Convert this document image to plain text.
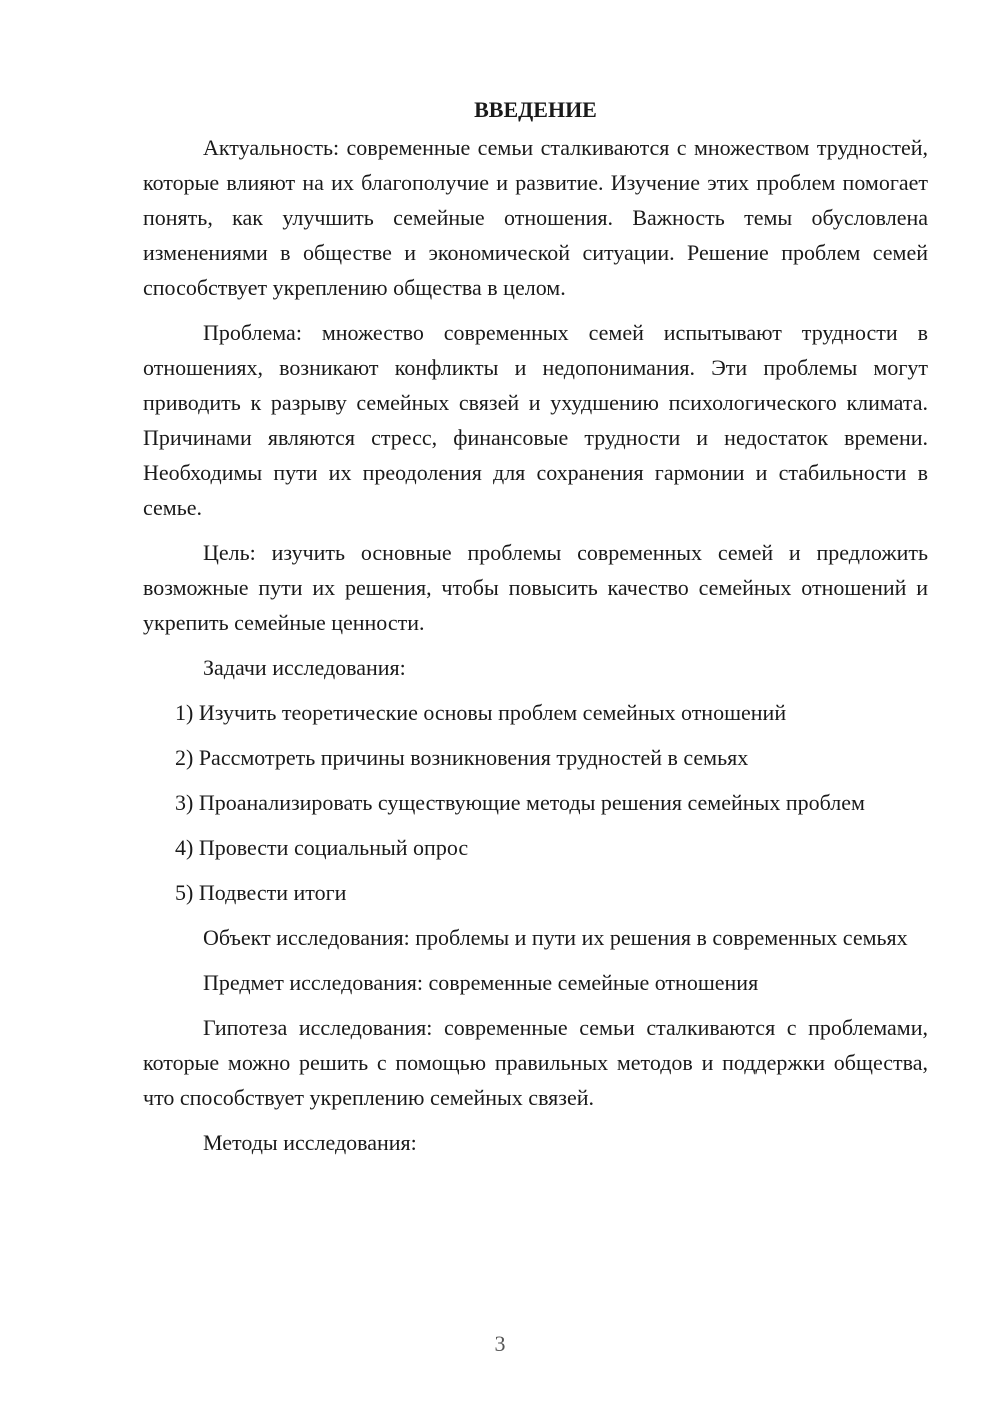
ВВЕДЕНИЕ
Актуальность: современные семьи сталкиваются с множеством трудностей, которые влияют на их благополучие и развитие. Изучение этих проблем помогает понять, как улучшить семейные отношения. Важность темы обусловлена изменениями в обществе и экономической ситуации. Решение проблем семей способствует укреплению общества в целом.
Проблема: множество современных семей испытывают трудности в отношениях, возникают конфликты и недопонимания. Эти проблемы могут приводить к разрыву семейных связей и ухудшению психологического климата. Причинами являются стресс, финансовые трудности и недостаток времени. Необходимы пути их преодоления для сохранения гармонии и стабильности в семье.
Цель: изучить основные проблемы современных семей и предложить возможные пути их решения, чтобы повысить качество семейных отношений и укрепить семейные ценности.
Задачи исследования:
1) Изучить теоретические основы проблем семейных отношений
2) Рассмотреть причины возникновения трудностей в семьях
3) Проанализировать существующие методы решения семейных проблем
4) Провести социальный опрос
5) Подвести итоги
Объект исследования: проблемы и пути их решения в современных семьях
Предмет исследования: современные семейные отношения
Гипотеза исследования: современные семьи сталкиваются с проблемами, которые можно решить с помощью правильных методов и поддержки общества, что способствует укреплению семейных связей.
Методы исследования:
3
